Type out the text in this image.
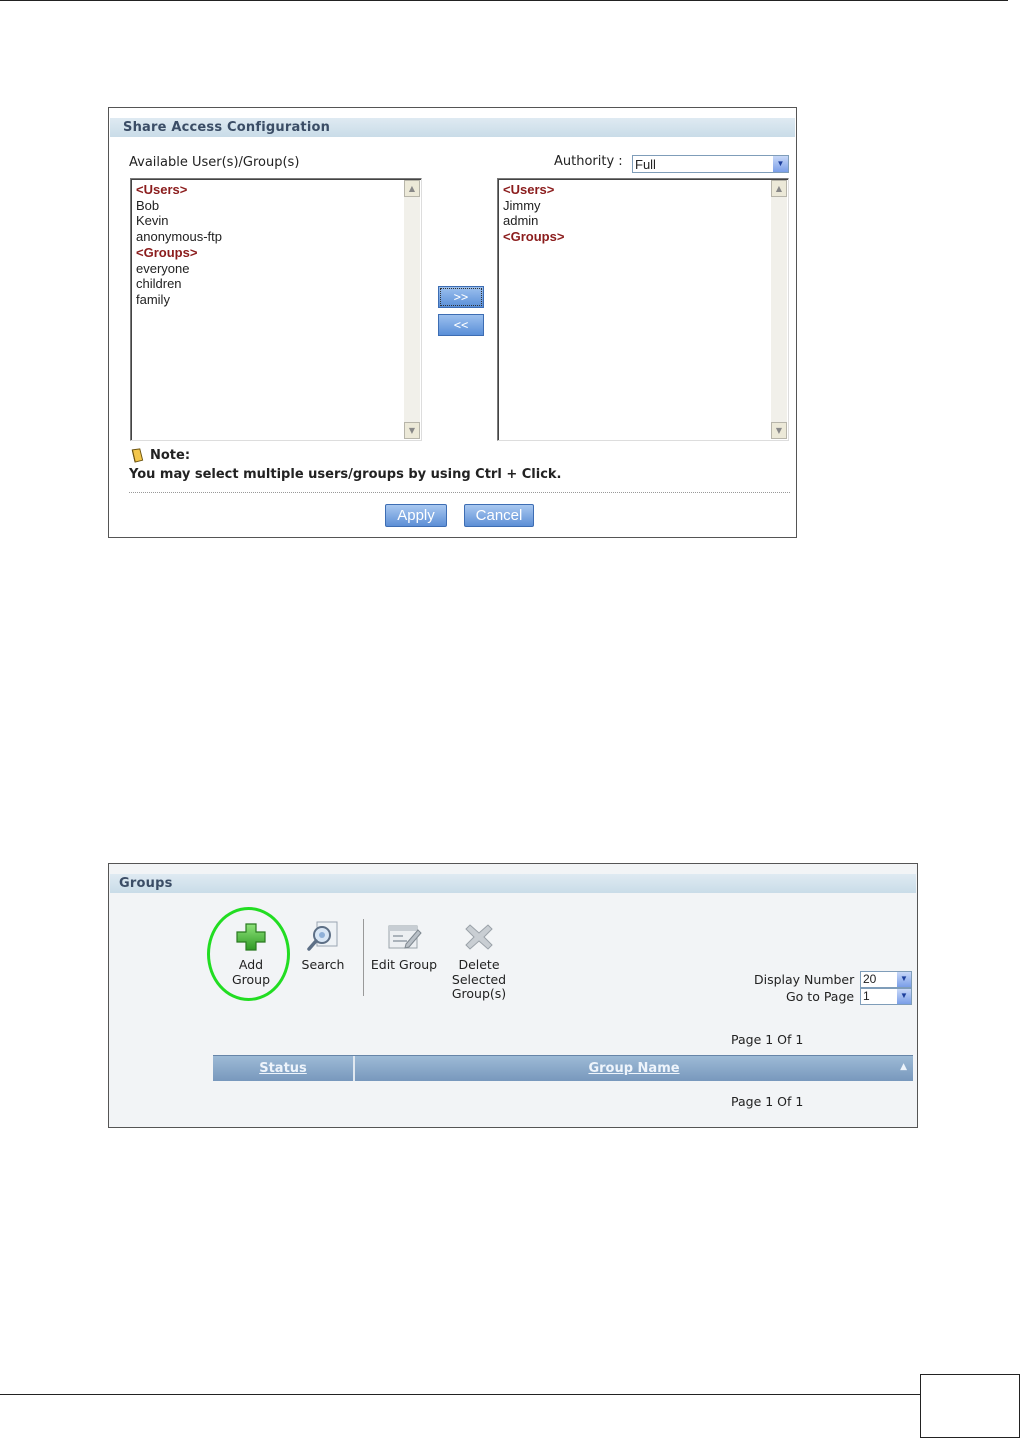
Share Access Configuration
Available User(s)/Group(s)	Authority : Full	▼
<Users>
Bob
Kevin
anonymous-ftp
<Groups>
everyone
children
family
▲
▼
>>
<<
<Users>
Jimmy
admin
<Groups>
▲
▼
Note:
You may select multiple users/groups by using Ctrl + Click.
Apply	Cancel
Groups
Add
Group
Search Edit Group	Delete
Selected
Group(s)
Display Number 20	▼
Go to Page 1	▼
Page 1 Of 1
Status	Group Name	▲
Page 1 Of 1
